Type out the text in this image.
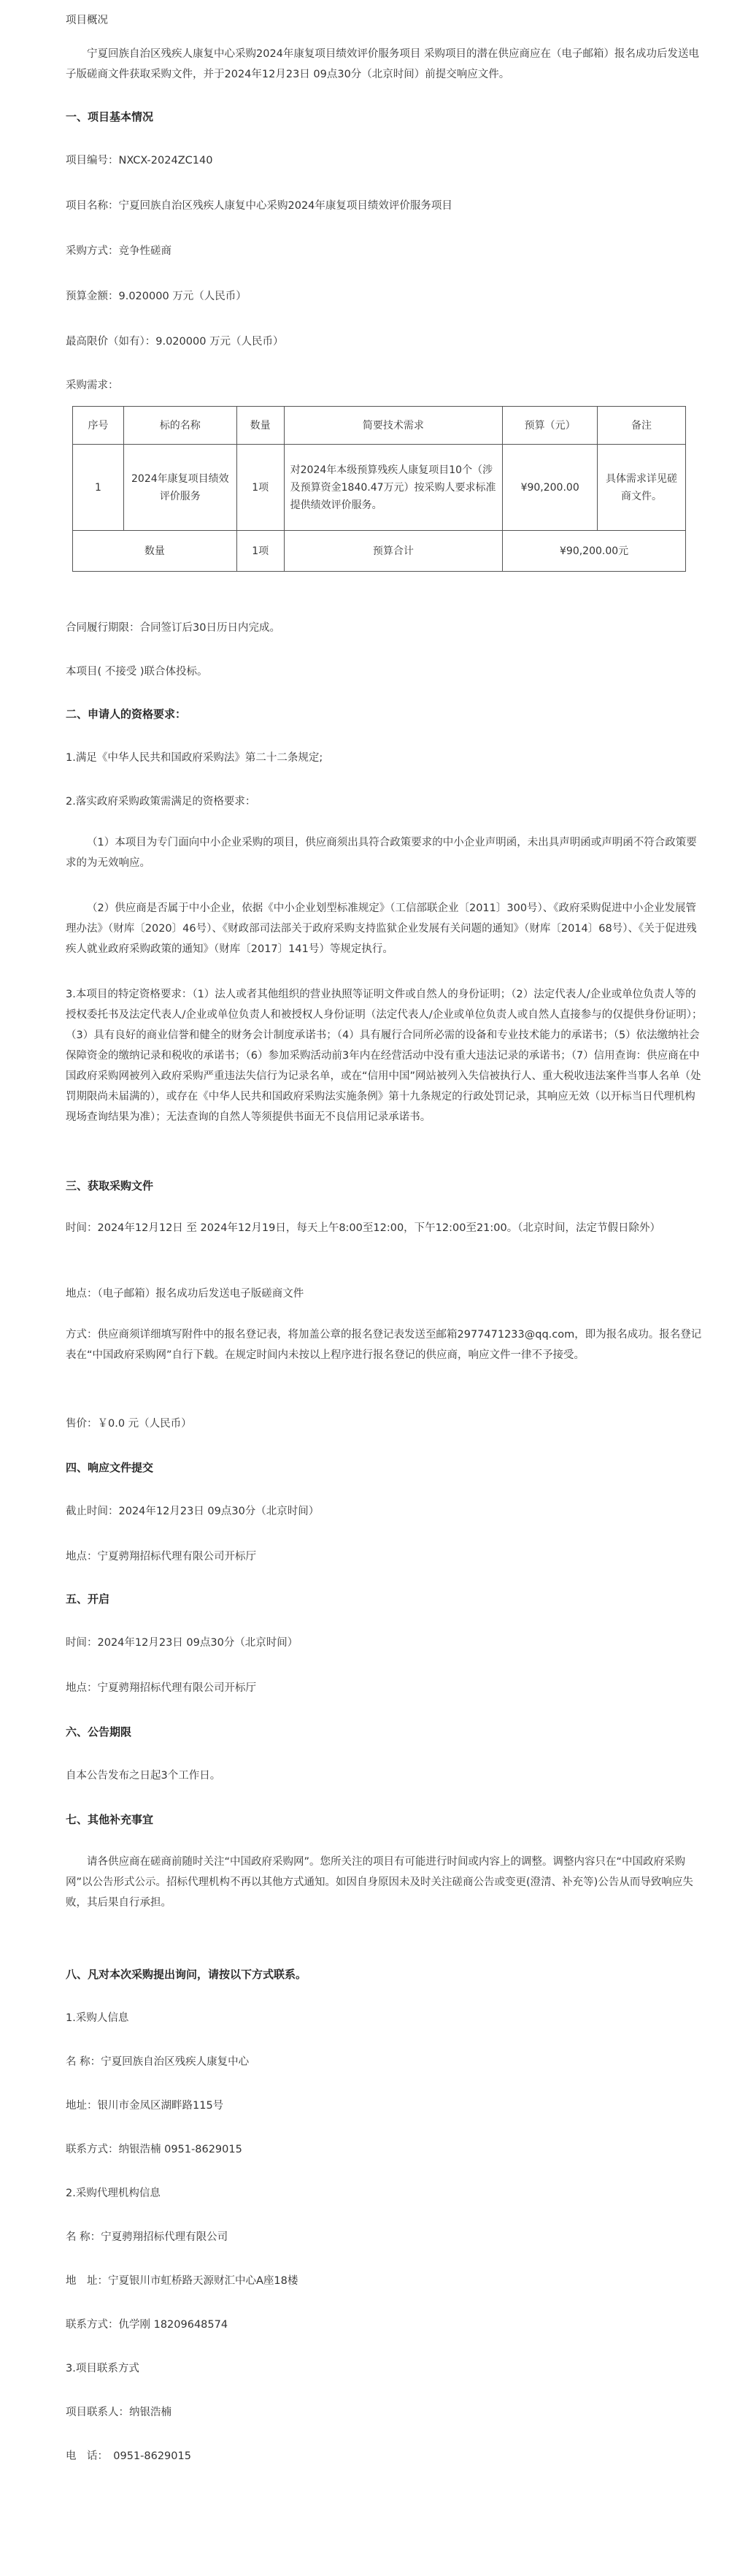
项目概况
宁夏回族自治区残疾人康复中心采购2024年康复项目绩效评价服务项目 采购项目的潜在供应商应在（电子邮箱）报名成功后发送电子版磋商文件获取采购文件，并于2024年12月23日 09点30分（北京时间）前提交响应文件。
一、项目基本情况
项目编号：NXCX-2024ZC140
项目名称：宁夏回族自治区残疾人康复中心采购2024年康复项目绩效评价服务项目
采购方式：竞争性磋商
预算金额：9.020000 万元（人民币）
最高限价（如有）：9.020000 万元（人民币）
采购需求：
序号	标的名称	数量	简要技术需求	预算（元）	备注
1	2024年康复项目绩效评价服务	1项	对2024年本级预算残疾人康复项目10个（涉及预算资金1840.47万元）按采购人要求标准提供绩效评价服务。	¥90,200.00	具体需求详见磋商文件。
数量		1项	预算合计	¥90,200.00元	
合同履行期限：合同签订后30日历日内完成。
本项目( 不接受 )联合体投标。
二、申请人的资格要求：
1.满足《中华人民共和国政府采购法》第二十二条规定;
2.落实政府采购政策需满足的资格要求：
（1）本项目为专门面向中小企业采购的项目，供应商须出具符合政策要求的中小企业声明函，未出具声明函或声明函不符合政策要求的为无效响应。
（2）供应商是否属于中小企业，依据《中小企业划型标准规定》（工信部联企业〔2011〕300号）、《政府采购促进中小企业发展管理办法》（财库〔2020〕46号）、《财政部司法部关于政府采购支持监狱企业发展有关问题的通知》（财库〔2014〕68号）、《关于促进残疾人就业政府采购政策的通知》（财库〔2017〕141号）等规定执行。
3.本项目的特定资格要求：（1）法人或者其他组织的营业执照等证明文件或自然人的身份证明；（2）法定代表人/企业或单位负责人等的授权委托书及法定代表人/企业或单位负责人和被授权人身份证明（法定代表人/企业或单位负责人或自然人直接参与的仅提供身份证明）；（3）具有良好的商业信誉和健全的财务会计制度承诺书；（4）具有履行合同所必需的设备和专业技术能力的承诺书；（5）依法缴纳社会保障资金的缴纳记录和税收的承诺书；（6）参加采购活动前3年内在经营活动中没有重大违法记录的承诺书；（7）信用查询：供应商在中国政府采购网被列入政府采购严重违法失信行为记录名单，或在“信用中国”网站被列入失信被执行人、重大税收违法案件当事人名单（处罚期限尚未届满的），或存在《中华人民共和国政府采购法实施条例》第十九条规定的行政处罚记录，其响应无效（以开标当日代理机构现场查询结果为准）；无法查询的自然人等须提供书面无不良信用记录承诺书。
三、获取采购文件
时间：2024年12月12日 至 2024年12月19日，每天上午8:00至12:00，下午12:00至21:00。（北京时间，法定节假日除外）
地点：（电子邮箱）报名成功后发送电子版磋商文件
方式：供应商须详细填写附件中的报名登记表，将加盖公章的报名登记表发送至邮箱2977471233@qq.com，即为报名成功。报名登记表在“中国政府采购网”自行下载。在规定时间内未按以上程序进行报名登记的供应商，响应文件一律不予接受。
售价：￥0.0 元（人民币）
四、响应文件提交
截止时间：2024年12月23日 09点30分（北京时间）
地点：宁夏骋翔招标代理有限公司开标厅
五、开启
时间：2024年12月23日 09点30分（北京时间）
地点：宁夏骋翔招标代理有限公司开标厅
六、公告期限
自本公告发布之日起3个工作日。
七、其他补充事宜
请各供应商在磋商前随时关注“中国政府采购网”。您所关注的项目有可能进行时间或内容上的调整。调整内容只在“中国政府采购网”以公告形式公示。招标代理机构不再以其他方式通知。如因自身原因未及时关注磋商公告或变更(澄清、补充等)公告从而导致响应失败，其后果自行承担。
八、凡对本次采购提出询问，请按以下方式联系。
1.采购人信息
名 称：宁夏回族自治区残疾人康复中心
地址：银川市金凤区湖畔路115号
联系方式：纳银浩楠 0951-8629015
2.采购代理机构信息
名 称：宁夏骋翔招标代理有限公司
地　址：宁夏银川市虹桥路天源财汇中心A座18楼
联系方式：仇学刚 18209648574
3.项目联系方式
项目联系人：纳银浩楠
电　话：　0951-8629015
